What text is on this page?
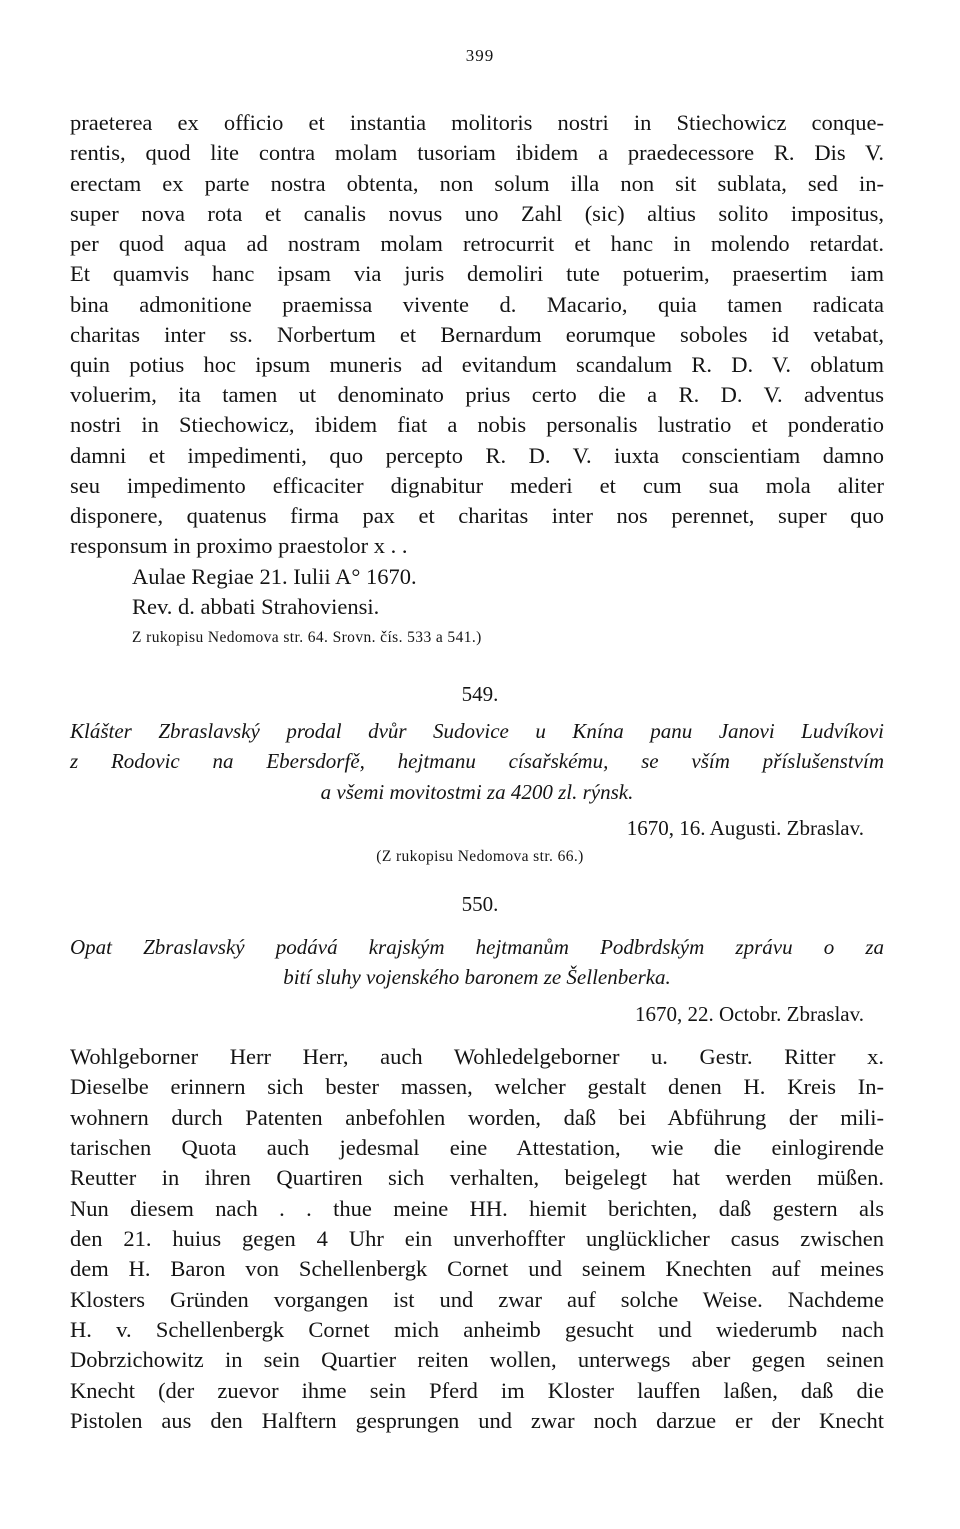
399
praeterea ex officio et instantia molitoris nostri in Stiechowicz conque-
rentis, quod lite contra molam tusoriam ibidem a praedecessore R. Dis V.
erectam ex parte nostra obtenta, non solum illa non sit sublata, sed in-
super nova rota et canalis novus uno Zahl (sic) altius solito impositus,
per quod aqua ad nostram molam retrocurrit et hanc in molendo retardat.
Et quamvis hanc ipsam via juris demoliri tute potuerim, praesertim iam
bina admonitione praemissa vivente d. Macario, quia tamen radicata
charitas inter ss. Norbertum et Bernardum eorumque soboles id vetabat,
quin potius hoc ipsum muneris ad evitandum scandalum R. D. V. oblatum
voluerim, ita tamen ut denominato prius certo die a R. D. V. adventus
nostri in Stiechowicz, ibidem fiat a nobis personalis lustratio et ponderatio
damni et impedimenti, quo percepto R. D. V. iuxta conscientiam damno
seu impedimento efficaciter dignabitur mederi et cum sua mola aliter
disponere, quatenus firma pax et charitas inter nos perennet, super quo
responsum in proximo praestolor x . .
Aulae Regiae 21. Iulii A° 1670.
Rev. d. abbati Strahoviensi.
Z rukopisu Nedomova str. 64. Srovn. čís. 533 a 541.)
549.
Klášter Zbraslavský prodal dvůr Sudovice u Knína panu Janovi Ludvíkovi
z Rodovic na Ebersdorfě, hejtmanu císařskému, se vším příslušenstvím
a všemi movitostmi za 4200 zl. rýnsk.
1670, 16. Augusti. Zbraslav.
(Z rukopisu Nedomova str. 66.)
550.
Opat Zbraslavský podává krajským hejtmanům Podbrdským zprávu o za
bití sluhy vojenského baronem ze Šellenberka.
1670, 22. Octobr. Zbraslav.
Wohlgeborner Herr Herr, auch Wohledelgeborner u. Gestr. Ritter x.
Dieselbe erinnern sich bester massen, welcher gestalt denen H. Kreis In-
wohnern durch Patenten anbefohlen worden, daß bei Abführung der mili-
tarischen Quota auch jedesmal eine Attestation, wie die einlogirende
Reutter in ihren Quartiren sich verhalten, beigelegt hat werden müßen.
Nun diesem nach . . thue meine HH. hiemit berichten, daß gestern als
den 21. huius gegen 4 Uhr ein unverhoffter unglücklicher casus zwischen
dem H. Baron von Schellenbergk Cornet und seinem Knechten auf meines
Klosters Gründen vorgangen ist und zwar auf solche Weise. Nachdeme
H. v. Schellenbergk Cornet mich anheimb gesucht und wiederumb nach
Dobrzichowitz in sein Quartier reiten wollen, unterwegs aber gegen seinen
Knecht (der zuevor ihme sein Pferd im Kloster lauffen laßen, daß die
Pistolen aus den Halftern gesprungen und zwar noch darzue er der Knecht
